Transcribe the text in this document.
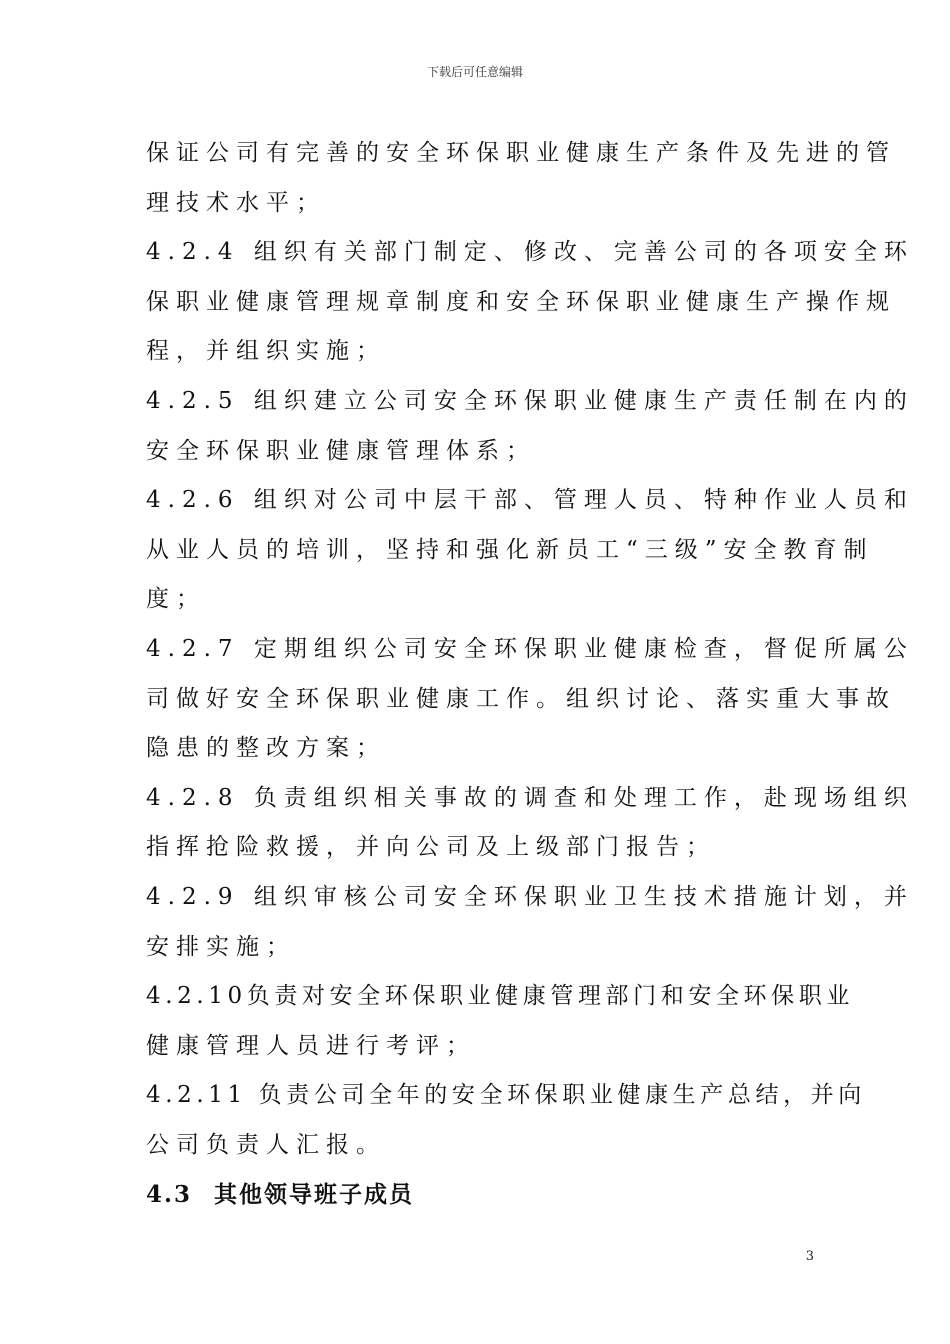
下载后可任意编辑
保证公司有完善的安全环保职业健康生产条件及先进的管
理技术水平；
4.2.4 组织有关部门制定、修改、完善公司的各项安全环
保职业健康管理规章制度和安全环保职业健康生产操作规
程，并组织实施；
4.2.5 组织建立公司安全环保职业健康生产责任制在内的
安全环保职业健康管理体系；
4.2.6 组织对公司中层干部、管理人员、特种作业人员和
从业人员的培训，坚持和强化新员工“三级”安全教育制
度；
4.2.7 定期组织公司安全环保职业健康检查，督促所属公
司做好安全环保职业健康工作。组织讨论、落实重大事故
隐患的整改方案；
4.2.8 负责组织相关事故的调查和处理工作，赴现场组织
指挥抢险救援，并向公司及上级部门报告；
4.2.9 组织审核公司安全环保职业卫生技术措施计划，并
安排实施；
4.2.10负责对安全环保职业健康管理部门和安全环保职业
健康管理人员进行考评；
4.2.11 负责公司全年的安全环保职业健康生产总结，并向
公司负责人汇报。
4.3 其他领导班子成员
3
